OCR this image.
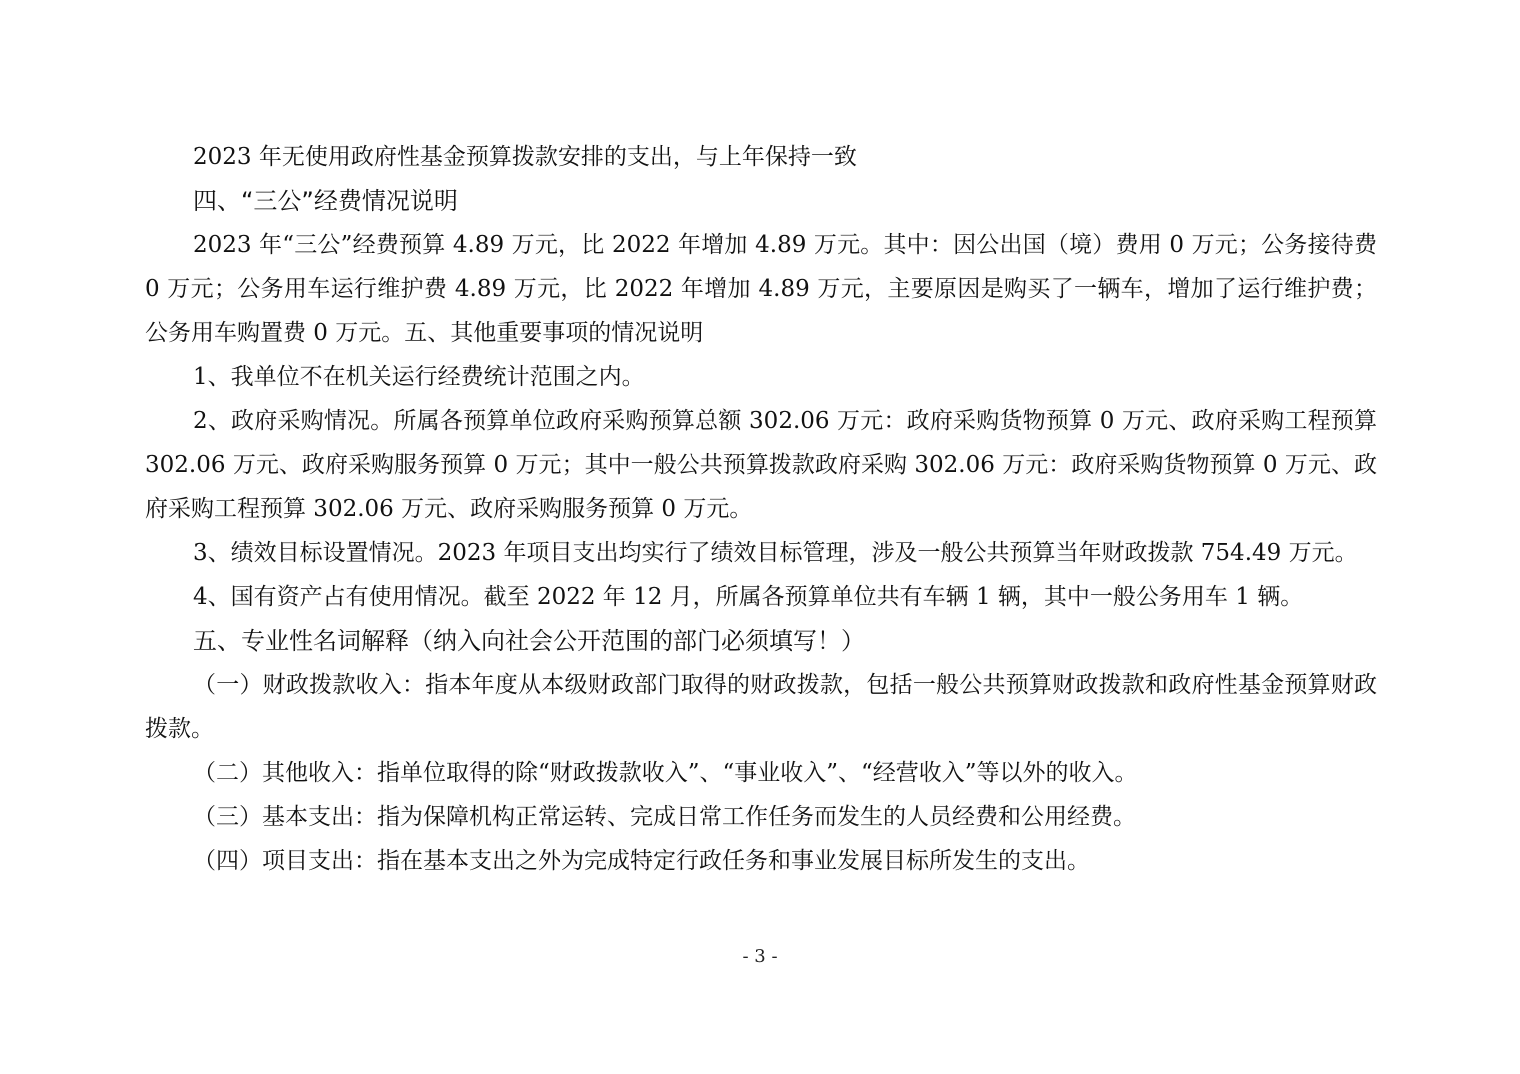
2023 年无使用政府性基金预算拨款安排的支出，与上年保持一致

四、“三公”经费情况说明

2023 年“三公”经费预算 4.89 万元，比 2022 年增加 4.89 万元。其中：因公出国（境）费用 0 万元；公务接待费 0 万元；公务用车运行维护费 4.89 万元，比 2022 年增加 4.89 万元，主要原因是购买了一辆车，增加了运行维护费；公务用车购置费 0 万元。五、其他重要事项的情况说明

1、我单位不在机关运行经费统计范围之内。

2、政府采购情况。所属各预算单位政府采购预算总额 302.06 万元：政府采购货物预算 0 万元、政府采购工程预算 302.06 万元、政府采购服务预算 0 万元；其中一般公共预算拨款政府采购 302.06 万元：政府采购货物预算 0 万元、政府采购工程预算 302.06 万元、政府采购服务预算 0 万元。

3、绩效目标设置情况。2023 年项目支出均实行了绩效目标管理，涉及一般公共预算当年财政拨款 754.49 万元。

4、国有资产占有使用情况。截至 2022 年 12 月，所属各预算单位共有车辆 1 辆，其中一般公务用车 1 辆。

五、专业性名词解释（纳入向社会公开范围的部门必须填写！）

（一）财政拨款收入：指本年度从本级财政部门取得的财政拨款，包括一般公共预算财政拨款和政府性基金预算财政拨款。

（二）其他收入：指单位取得的除“财政拨款收入”、“事业收入”、“经营收入”等以外的收入。

（三）基本支出：指为保障机构正常运转、完成日常工作任务而发生的人员经费和公用经费。

（四）项目支出：指在基本支出之外为完成特定行政任务和事业发展目标所发生的支出。

- 3 -
